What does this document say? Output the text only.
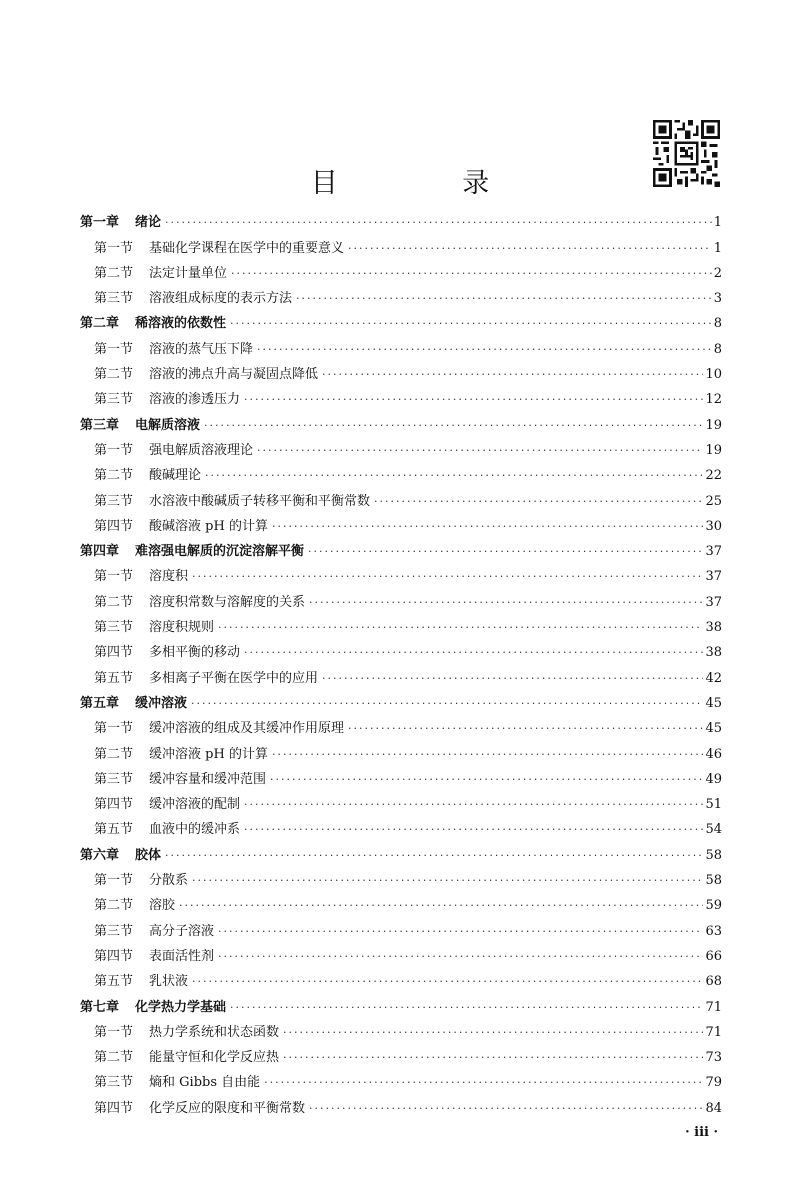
目 录
第一章 绪论 ·····	1
第一节 基础化学课程在医学中的重要意义 ·····	1
第二节 法定计量单位 ·····	2
第三节 溶液组成标度的表示方法 ·····	3
第二章 稀溶液的依数性 ·····	8
第一节 溶液的蒸气压下降 ·····	8
第二节 溶液的沸点升高与凝固点降低 ·····	10
第三节 溶液的渗透压力 ·····	12
第三章 电解质溶液 ·····	19
第一节 强电解质溶液理论 ·····	19
第二节 酸碱理论 ·····	22
第三节 水溶液中酸碱质子转移平衡和平衡常数 ·····	25
第四节 酸碱溶液 pH 的计算 ·····	30
第四章 难溶强电解质的沉淀溶解平衡 ·····	37
第一节 溶度积 ·····	37
第二节 溶度积常数与溶解度的关系 ·····	37
第三节 溶度积规则 ·····	38
第四节 多相平衡的移动 ·····	38
第五节 多相离子平衡在医学中的应用 ·····	42
第五章 缓冲溶液 ·····	45
第一节 缓冲溶液的组成及其缓冲作用原理 ·····	45
第二节 缓冲溶液 pH 的计算 ·····	46
第三节 缓冲容量和缓冲范围 ·····	49
第四节 缓冲溶液的配制 ·····	51
第五节 血液中的缓冲系 ·····	54
第六章 胶体 ·····	58
第一节 分散系 ·····	58
第二节 溶胶 ·····	59
第三节 高分子溶液 ·····	63
第四节 表面活性剂 ·····	66
第五节 乳状液 ·····	68
第七章 化学热力学基础 ·····	71
第一节 热力学系统和状态函数 ·····	71
第二节 能量守恒和化学反应热 ·····	73
第三节 熵和 Gibbs 自由能 ·····	79
第四节 化学反应的限度和平衡常数 ·····	84
· iii ·
